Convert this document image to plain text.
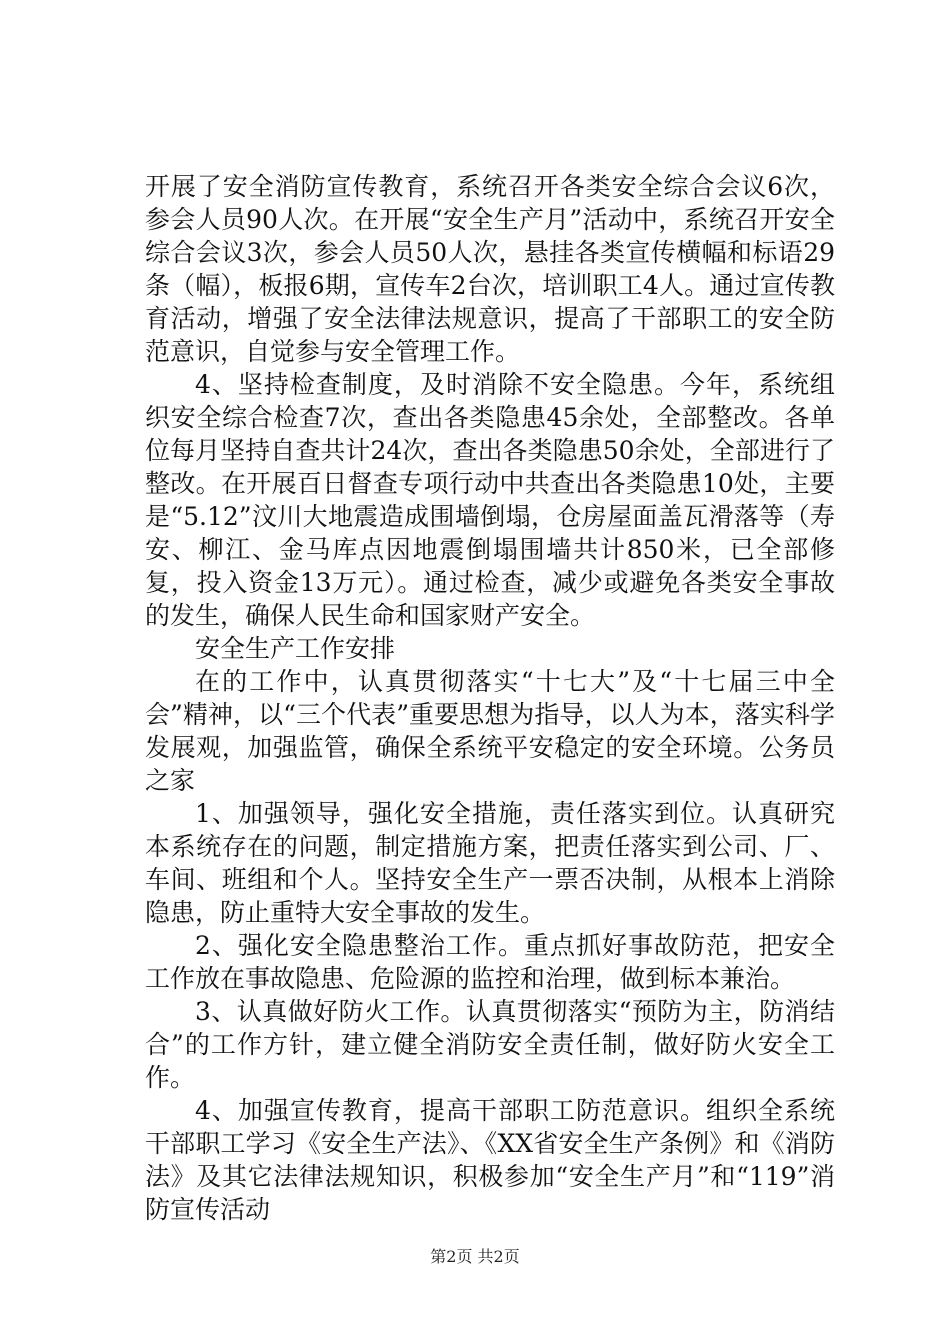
开展了安全消防宣传教育，系统召开各类安全综合会议6次，参会人员90人次。在开展“安全生产月”活动中，系统召开安全综合会议3次，参会人员50人次，悬挂各类宣传横幅和标语29条（幅），板报6期，宣传车2台次，培训职工4人。通过宣传教育活动，增强了安全法律法规意识，提高了干部职工的安全防范意识，自觉参与安全管理工作。

4、坚持检查制度，及时消除不安全隐患。今年，系统组织安全综合检查7次，查出各类隐患45余处，全部整改。各单位每月坚持自查共计24次，查出各类隐患50余处，全部进行了整改。在开展百日督查专项行动中共查出各类隐患10处，主要是“5.12”汶川大地震造成围墙倒塌，仓房屋面盖瓦滑落等（寿安、柳江、金马库点因地震倒塌围墙共计850米，已全部修复，投入资金13万元）。通过检查，减少或避免各类安全事故的发生，确保人民生命和国家财产安全。

安全生产工作安排

在的工作中，认真贯彻落实“十七大”及“十七届三中全会”精神，以“三个代表”重要思想为指导，以人为本，落实科学发展观，加强监管，确保全系统平安稳定的安全环境。公务员之家

1、加强领导，强化安全措施，责任落实到位。认真研究本系统存在的问题，制定措施方案，把责任落实到公司、厂、车间、班组和个人。坚持安全生产一票否决制，从根本上消除隐患，防止重特大安全事故的发生。

2、强化安全隐患整治工作。重点抓好事故防范，把安全工作放在事故隐患、危险源的监控和治理，做到标本兼治。

3、认真做好防火工作。认真贯彻落实“预防为主，防消结合”的工作方针，建立健全消防安全责任制，做好防火安全工作。

4、加强宣传教育，提高干部职工防范意识。组织全系统干部职工学习《安全生产法》、《XX省安全生产条例》和《消防法》及其它法律法规知识，积极参加“安全生产月”和“119”消防宣传活动

第2页 共2页
